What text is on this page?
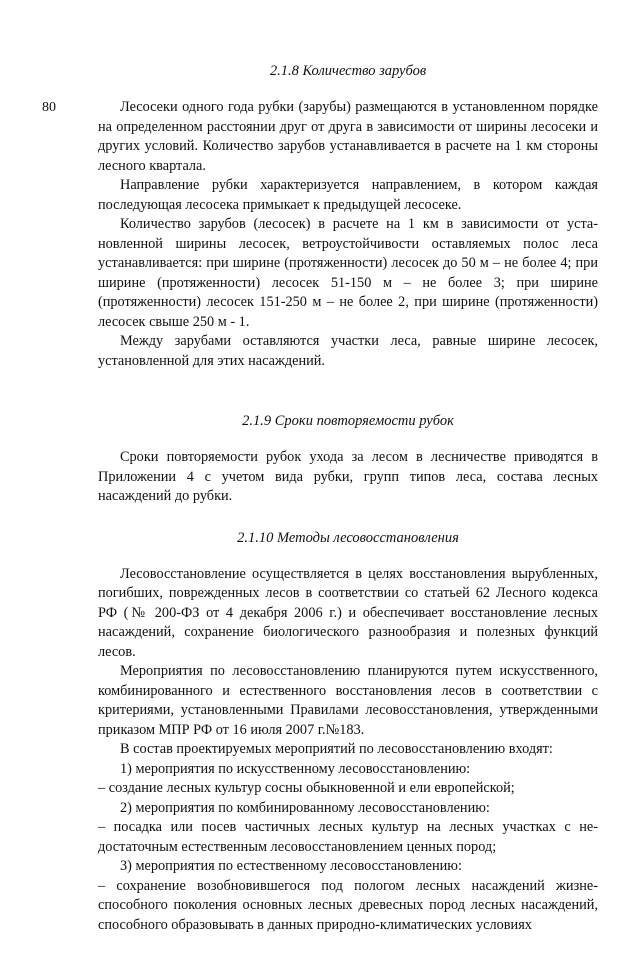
80
2.1.8 Количество зарубов

Лесосеки одного года рубки (зарубы) размещаются в установленном порядке на определенном расстоянии друг от друга в зависимости от ширины лесосеки и других условий. Количество зарубов устанавливается в расчете на 1 км стороны лесного квартала.

Направление рубки характеризуется направлением, в котором каждая последующая лесосека примыкает к предыдущей лесосеке.

Количество зарубов (лесосек) в расчете на 1 км в зависимости от установленной ширины лесосек, ветроустойчивости оставляемых полос леса устанавливается: при ширине (протяженности) лесосек до 50 м – не более 4; при ширине (протяженности) лесосек 51-150 м – не более 3; при ширине (протяженности) лесосек 151-250 м – не более 2, при ширине (протяженности) лесосек свыше 250 м - 1.

Между зарубами оставляются участки леса, равные ширине лесосек, установленной для этих насаждений.

2.1.9 Сроки повторяемости рубок

Сроки повторяемости рубок ухода за лесом в лесничестве приводятся в Приложении 4 с учетом вида рубки, групп типов леса, состава лесных насаждений до рубки.

2.1.10 Методы лесовосстановления

Лесовосстановление осуществляется в целях восстановления вырубленных, погибших, поврежденных лесов в соответствии со статьей 62 Лесного кодекса РФ (№ 200-ФЗ от 4 декабря 2006 г.) и обеспечивает восстановление лесных насаждений, сохранение биологического разнообразия и полезных функций лесов.

Мероприятия по лесовосстановлению планируются путем искусственного, комбинированного и естественного восстановления лесов в соответствии с критериями, установленными Правилами лесовосстановления, утвержденными приказом МПР РФ от 16 июля 2007 г.№183.

В состав проектируемых мероприятий по лесовосстановлению входят:

1) мероприятия по искусственному лесовосстановлению:

– создание лесных культур сосны обыкновенной и ели европейской;

2) мероприятия по комбинированному лесовосстановлению:

– посадка или посев частичных лесных культур на лесных участках с недостаточным естественным лесовосстановлением ценных пород;

3) мероприятия по естественному лесовосстановлению:

– сохранение возобновившегося под пологом лесных насаждений жизнеспособного поколения основных лесных древесных пород лесных насаждений, способного образовывать в данных природно-климатических условиях
